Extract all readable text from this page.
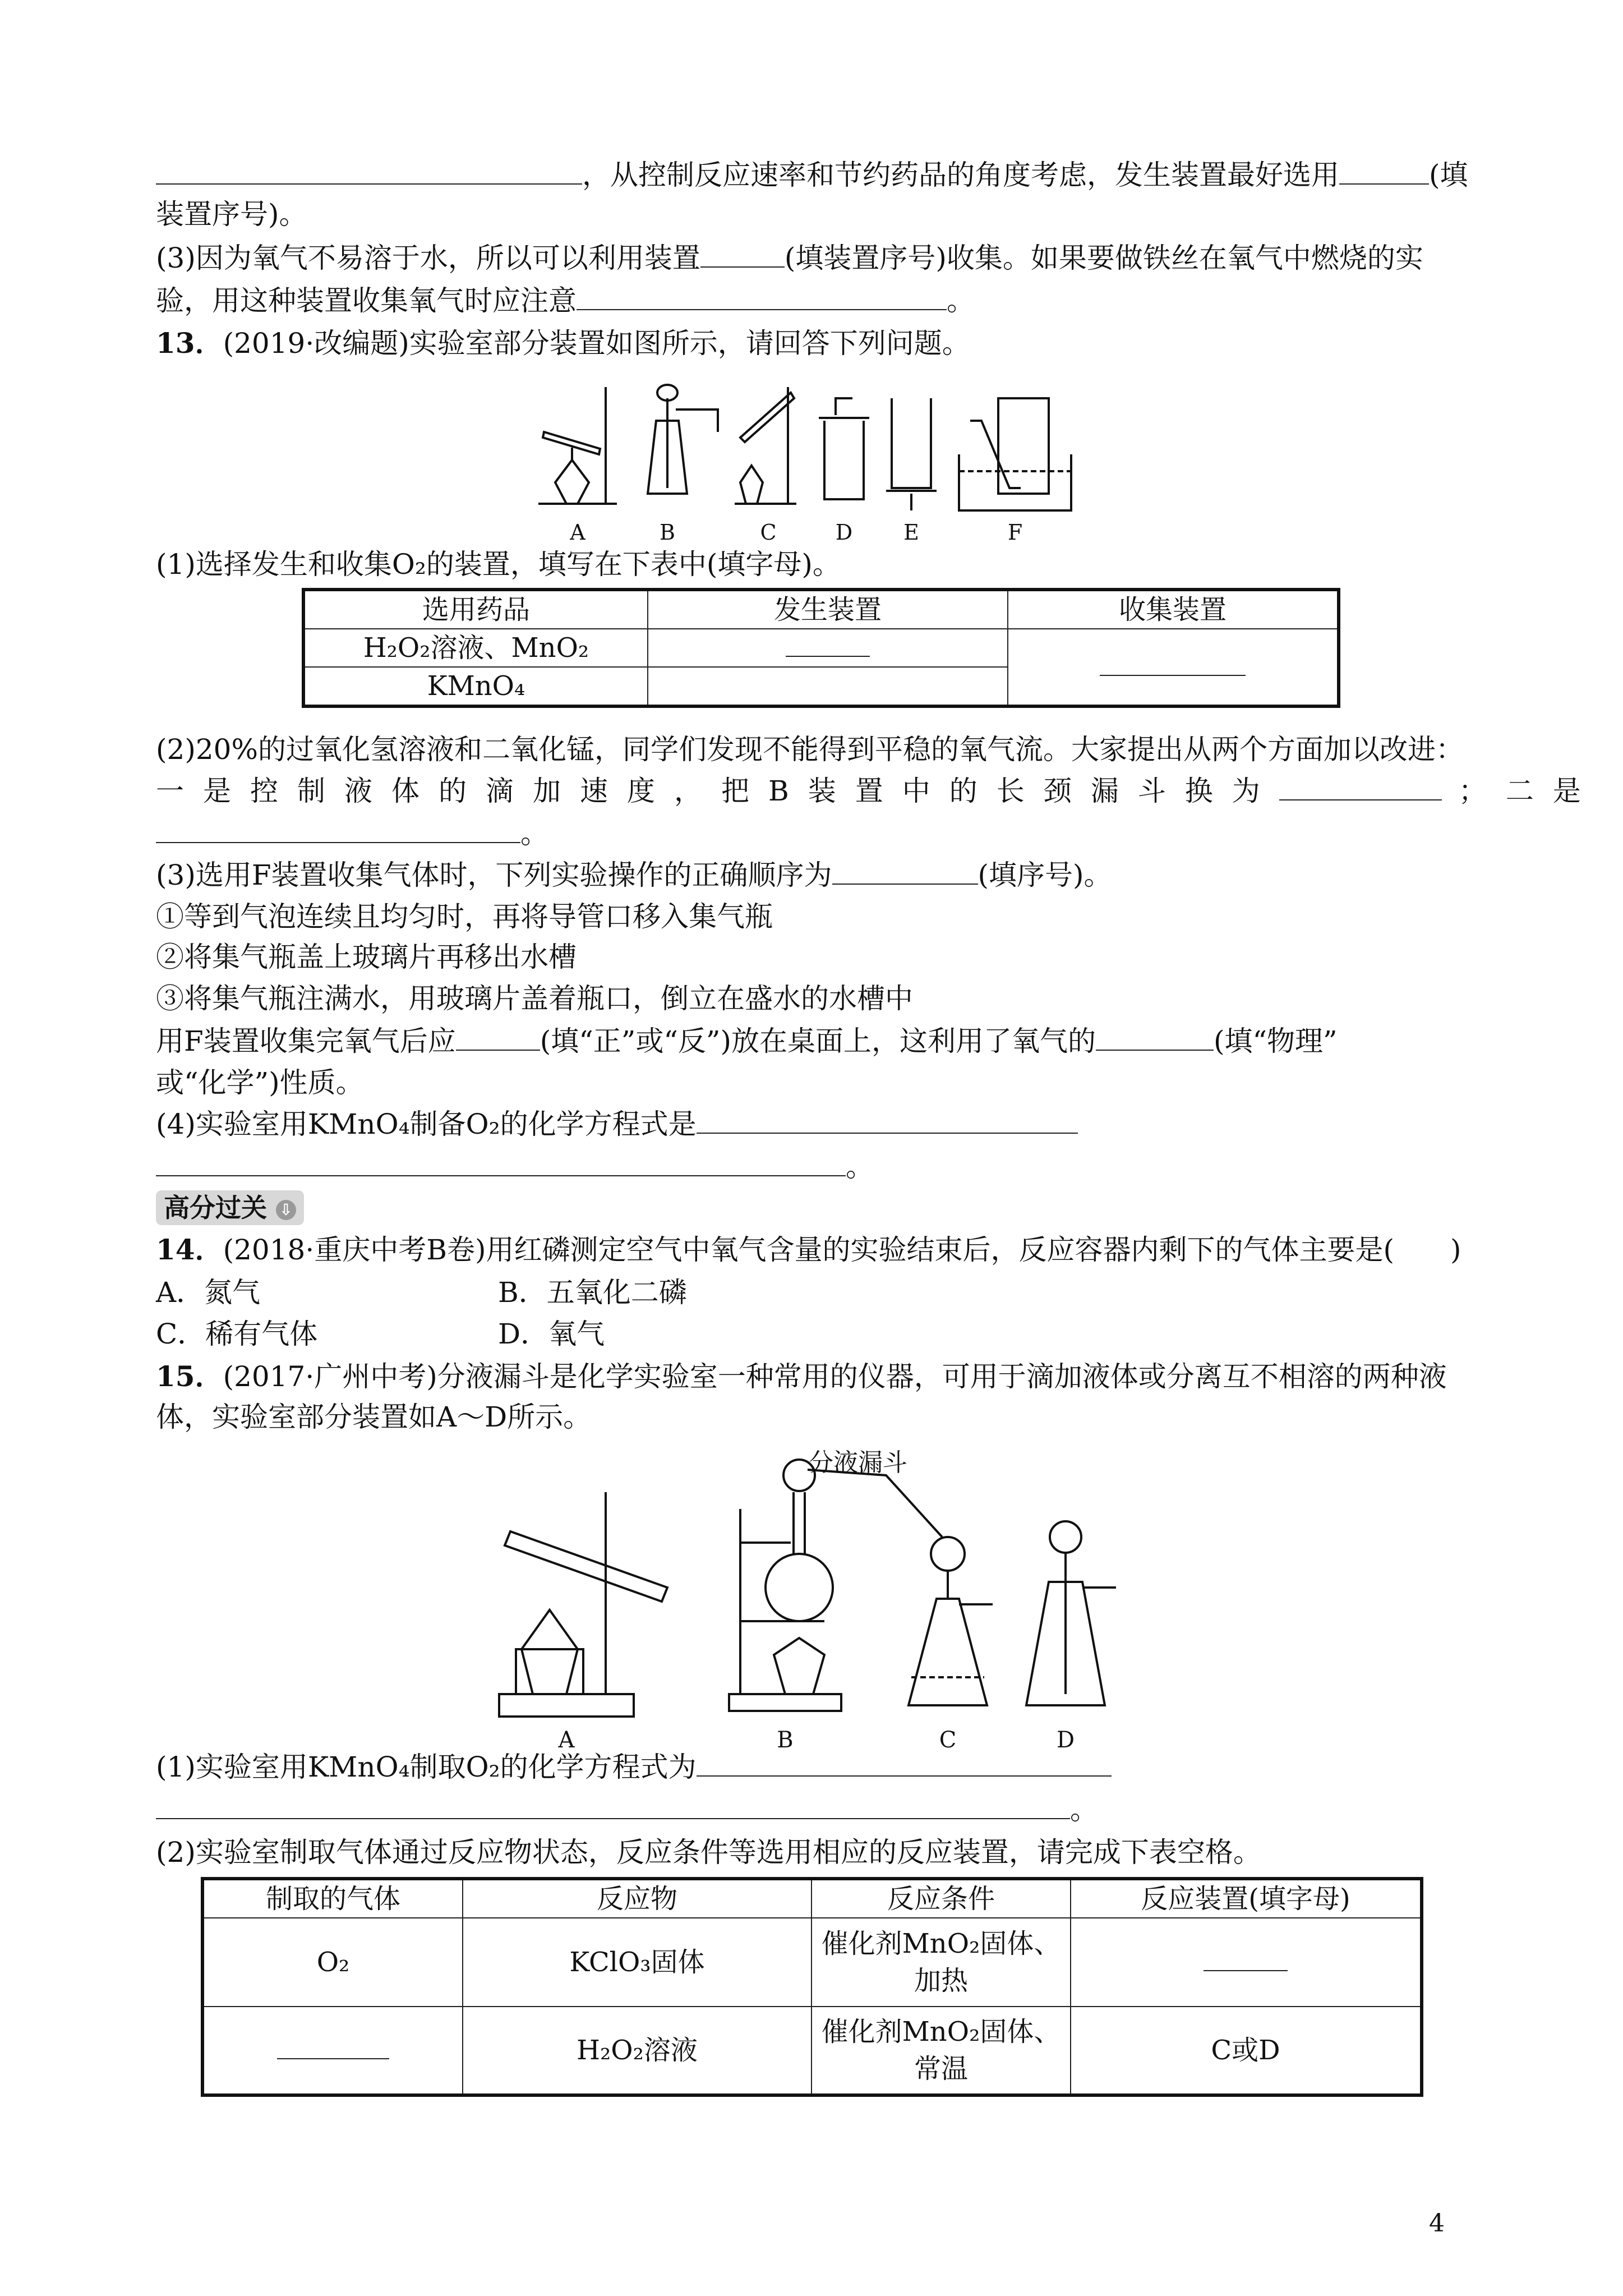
，从控制反应速率和节约药品的角度考虑，发生装置最好选用	(填
装置序号)。
(3)因为氧气不易溶于水，所以可以利用装置	(填装置序号)收集。如果要做铁丝在氧气中燃烧的实
验，用这种装置收集氧气时应注意	。
13．(2019·改编题)实验室部分装置如图所示，请回答下列问题。
A	B	C	D E	F
(1)选择发生和收集O₂的装置，填写在下表中(填字母)。
选用药品	发生装置	收集装置
H₂O₂溶液、MnO₂		
KMnO₄		
(2)20%的过氧化氢溶液和二氧化锰，同学们发现不能得到平稳的氧气流。大家提出从两个方面加以改进：
一是控制液体的滴加速度，把B装置中的长颈漏斗换为	；二是
。
(3)选用F装置收集气体时，下列实验操作的正确顺序为	(填序号)。
①等到气泡连续且均匀时，再将导管口移入集气瓶
②将集气瓶盖上玻璃片再移出水槽
③将集气瓶注满水，用玻璃片盖着瓶口，倒立在盛水的水槽中
用F装置收集完氧气后应	(填“正”或“反”)放在桌面上，这利用了氧气的	(填“物理”
或“化学”)性质。
(4)实验室用KMnO₄制备O₂的化学方程式是
。
高分过关 ⇩
14．(2018·重庆中考B卷)用红磷测定空气中氧气含量的实验结束后，反应容器内剩下的气体主要是(　　)
A．氮气	B．五氧化二磷
C．稀有气体	D．氧气
15．(2017·广州中考)分液漏斗是化学实验室一种常用的仪器，可用于滴加液体或分离互不相溶的两种液
体，实验室部分装置如A～D所示。
A	B	C	D
分液漏斗
(1)实验室用KMnO₄制取O₂的化学方程式为
。
(2)实验室制取气体通过反应物状态，反应条件等选用相应的反应装置，请完成下表空格。
制取的气体	反应物	反应条件	反应装置(填字母)
O₂	KClO₃固体	催化剂MnO₂固体、
加热	

	H₂O₂溶液	催化剂MnO₂固体、
常温	C或D
4
